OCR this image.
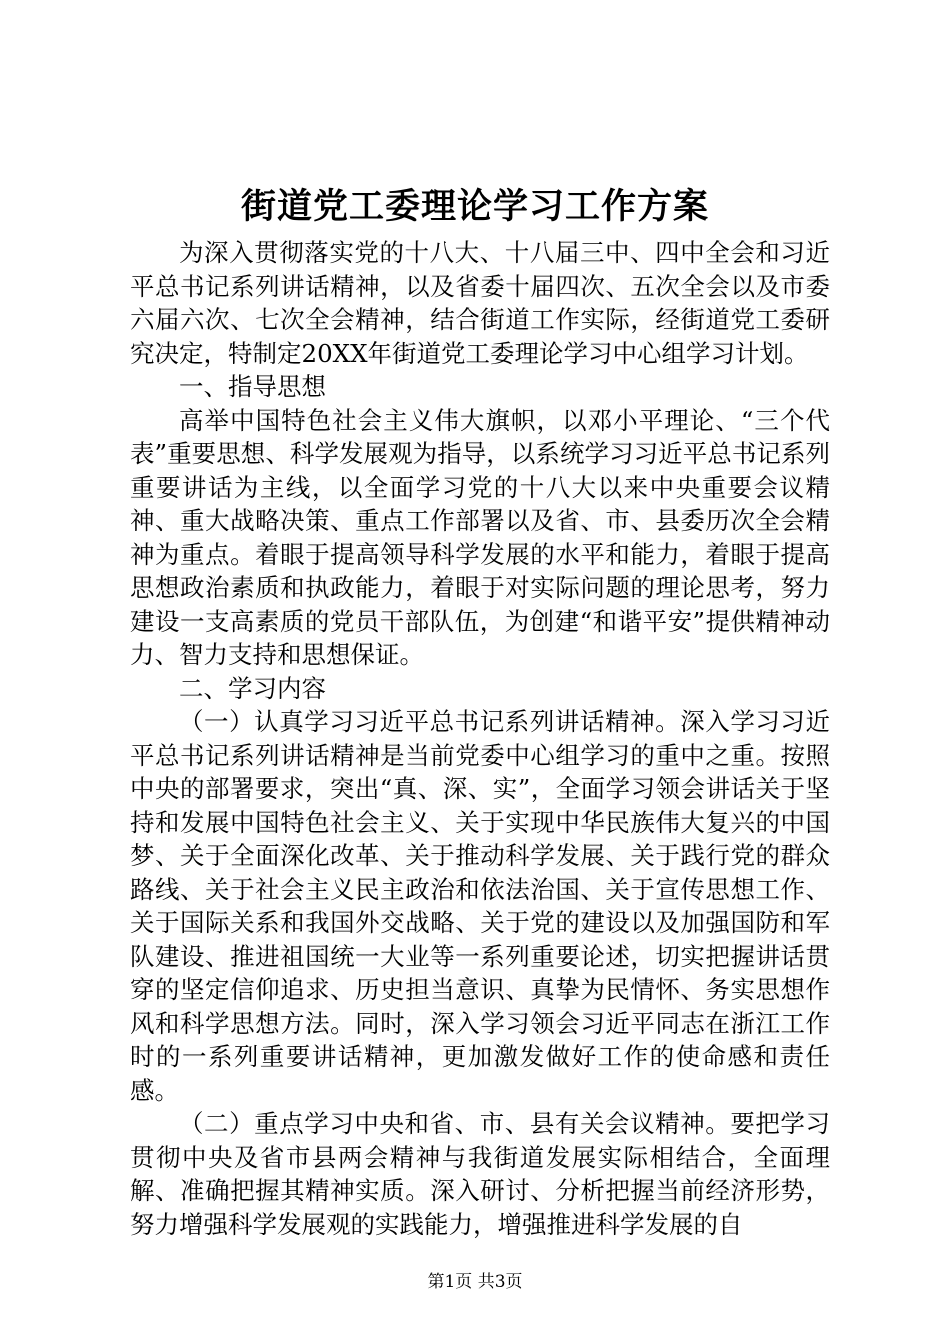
街道党工委理论学习工作方案

为深入贯彻落实党的十八大、十八届三中、四中全会和习近平总书记系列讲话精神，以及省委十届四次、五次全会以及市委六届六次、七次全会精神，结合街道工作实际，经街道党工委研究决定，特制定20XX年街道党工委理论学习中心组学习计划。

一、指导思想

高举中国特色社会主义伟大旗帜，以邓小平理论、“三个代表”重要思想、科学发展观为指导，以系统学习习近平总书记系列重要讲话为主线，以全面学习党的十八大以来中央重要会议精神、重大战略决策、重点工作部署以及省、市、县委历次全会精神为重点。着眼于提高领导科学发展的水平和能力，着眼于提高思想政治素质和执政能力，着眼于对实际问题的理论思考，努力建设一支高素质的党员干部队伍，为创建“和谐平安”提供精神动力、智力支持和思想保证。

二、学习内容

（一）认真学习习近平总书记系列讲话精神。深入学习习近平总书记系列讲话精神是当前党委中心组学习的重中之重。按照中央的部署要求，突出“真、深、实”，全面学习领会讲话关于坚持和发展中国特色社会主义、关于实现中华民族伟大复兴的中国梦、关于全面深化改革、关于推动科学发展、关于践行党的群众路线、关于社会主义民主政治和依法治国、关于宣传思想工作、关于国际关系和我国外交战略、关于党的建设以及加强国防和军队建设、推进祖国统一大业等一系列重要论述，切实把握讲话贯穿的坚定信仰追求、历史担当意识、真挚为民情怀、务实思想作风和科学思想方法。同时，深入学习领会习近平同志在浙江工作时的一系列重要讲话精神，更加激发做好工作的使命感和责任感。

（二）重点学习中央和省、市、县有关会议精神。要把学习贯彻中央及省市县两会精神与我街道发展实际相结合，全面理解、准确把握其精神实质。深入研讨、分析把握当前经济形势，努力增强科学发展观的实践能力，增强推进科学发展的自

第1页 共3页
